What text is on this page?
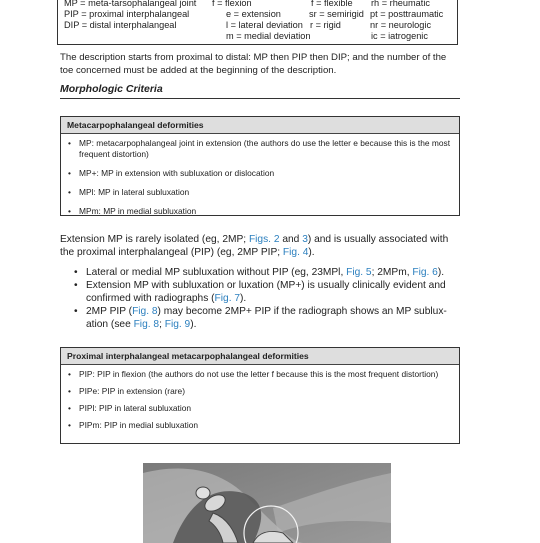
MP = meta-tarsophalangeal joint
PIP = proximal interphalangeal
DIP = distal interphalangeal
f = flexion
e = extension
l = lateral deviation
m = medial deviation
f = flexible
sr = semirigid
r = rigid
rh = rheumatic
pt = posttraumatic
nr = neurologic
ic = iatrogenic
The description starts from proximal to distal: MP then PIP then DIP; and the number of the toe concerned must be added at the beginning of the description.
Morphologic Criteria
Metacarpophalangeal deformities
• MP: metacarpophalangeal joint in extension (the authors do use the letter e because this is the most frequent distortion)
• MP+: MP in extension with subluxation or dislocation
• MPl: MP in lateral subluxation
• MPm: MP in medial subluxation
Extension MP is rarely isolated (eg, 2MP; Figs. 2 and 3) and is usually associated with the proximal interphalangeal (PIP) (eg, 2MP PIP; Fig. 4).
• Lateral or medial MP subluxation without PIP (eg, 23MPl, Fig. 5; 2MPm, Fig. 6).
• Extension MP with subluxation or luxation (MP+) is usually clinically evident and confirmed with radiographs (Fig. 7).
• 2MP PIP (Fig. 8) may become 2MP+ PIP if the radiograph shows an MP sublux-ation (see Fig. 8; Fig. 9).
Proximal interphalangeal metacarpophalangeal deformities
• PIP: PIP in flexion (the authors do not use the letter f because this is the most frequent distortion)
• PIPe: PIP in extension (rare)
• PIPl: PIP in lateral subluxation
• PIPm: PIP in medial subluxation
